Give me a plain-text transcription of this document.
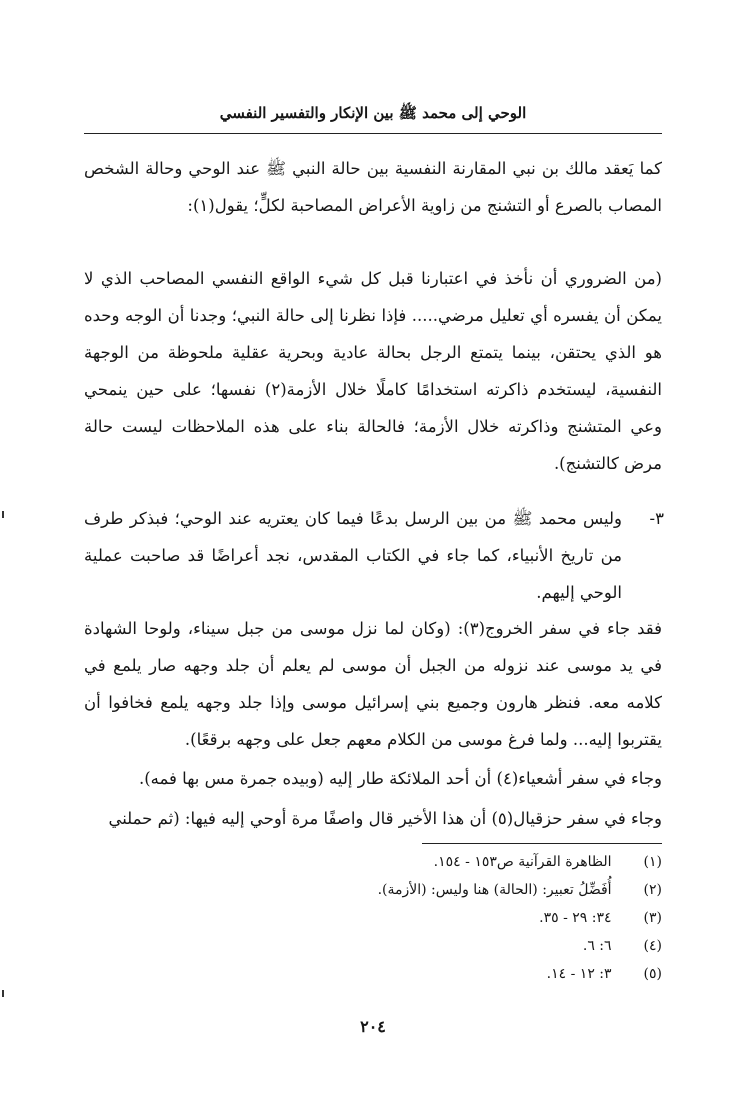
الوحي إلى محمد ﷺ بين الإنكار والتفسير النفسي
كما يَعقد مالك بن نبي المقارنة النفسية بين حالة النبي ﷺ عند الوحي وحالة الشخص المصاب بالصرع أو التشنج من زاوية الأعراض المصاحبة لكلٍّ؛ يقول(١):
(من الضروري أن نأخذ في اعتبارنا قبل كل شيء الواقع النفسي المصاحب الذي لا يمكن أن يفسره أي تعليل مرضي..... فإذا نظرنا إلى حالة النبي؛ وجدنا أن الوجه وحده هو الذي يحتقن، بينما يتمتع الرجل بحالة عادية وبحرية عقلية ملحوظة من الوجهة النفسية، ليستخدم ذاكرته استخدامًا كاملًا خلال الأزمة(٢) نفسها؛ على حين ينمحي وعي المتشنج وذاكرته خلال الأزمة؛ فالحالة بناء على هذه الملاحظات ليست حالة مرض كالتشنج).
٣-
وليس محمد ﷺ من بين الرسل بدعًا فيما كان يعتريه عند الوحي؛ فبذكر طرف من تاريخ الأنبياء، كما جاء في الكتاب المقدس، نجد أعراضًا قد صاحبت عملية الوحي إليهم.
فقد جاء في سفر الخروج(٣): (وكان لما نزل موسى من جبل سيناء، ولوحا الشهادة في يد موسى عند نزوله من الجبل أن موسى لم يعلم أن جلد وجهه صار يلمع في كلامه معه. فنظر هارون وجميع بني إسرائيل موسى وإذا جلد وجهه يلمع فخافوا أن يقتربوا إليه... ولما فرغ موسى من الكلام معهم جعل على وجهه برقعًا).
وجاء في سفر أشعياء(٤) أن أحد الملائكة طار إليه (وبيده جمرة مس بها فمه).
وجاء في سفر حزقيال(٥) أن هذا الأخير قال واصفًا مرة أوحي إليه فيها: (ثم حملني
(١) الظاهرة القرآنية ص١٥٣ - ١٥٤.
(٢) أُفَضِّلُ تعبير: (الحالة) هنا وليس: (الأزمة).
(٣) ٣٤: ٢٩ - ٣٥.
(٤) ٦: ٦.
(٥) ٣: ١٢ - ١٤.
٢٠٤
